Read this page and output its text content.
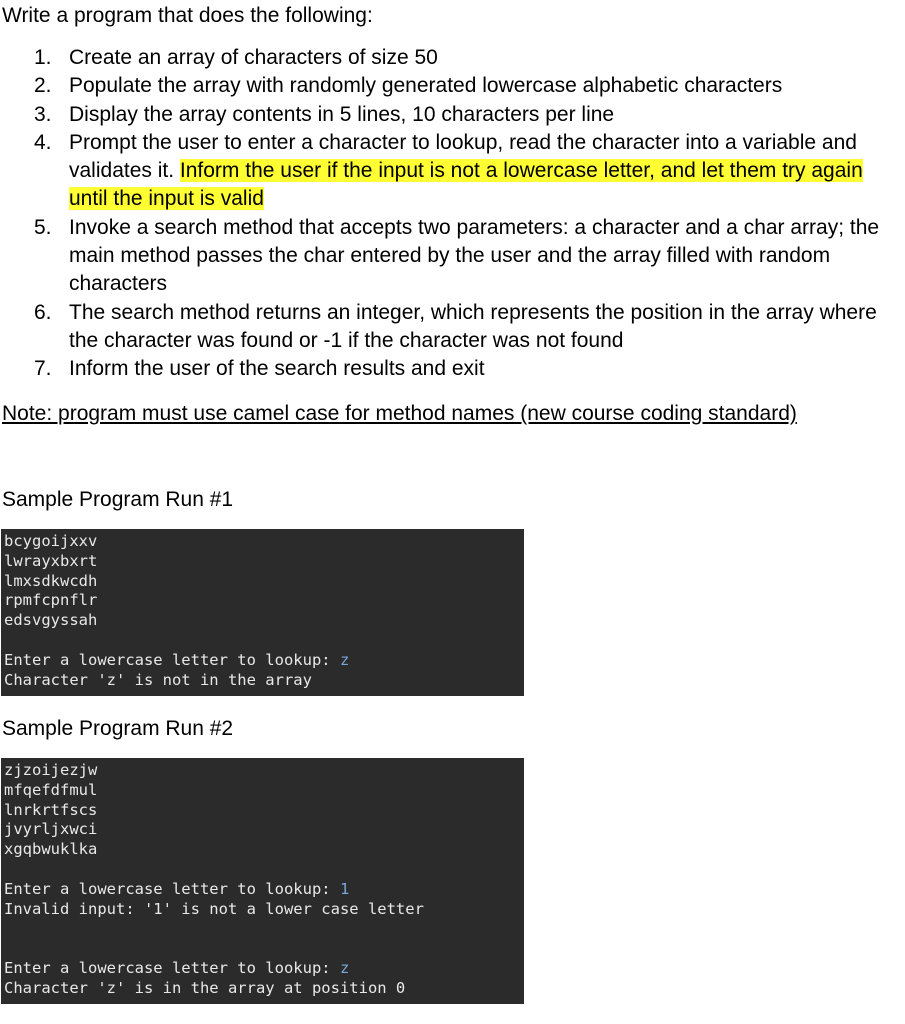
Write a program that does the following:
1. Create an array of characters of size 50
2. Populate the array with randomly generated lowercase alphabetic characters
3. Display the array contents in 5 lines, 10 characters per line
4. Prompt the user to enter a character to lookup, read the character into a variable and validates it. Inform the user if the input is not a lowercase letter, and let them try again until the input is valid
5. Invoke a search method that accepts two parameters: a character and a char array; the main method passes the char entered by the user and the array filled with random characters
6. The search method returns an integer, which represents the position in the array where the character was found or -1 if the character was not found
7. Inform the user of the search results and exit
Note: program must use camel case for method names (new course coding standard)
Sample Program Run #1
bcygoijxxv
lwrayxbxrt
lmxsdkwcdh
rpmfcpnflr
edsvgyssah
Enter a lowercase letter to lookup: z
Character 'z' is not in the array
Sample Program Run #2
zjzoijezjw
mfqefdfmul
lnrkrtfscs
jvyrljxwci
xgqbwuklka
Enter a lowercase letter to lookup: 1
Invalid input: '1' is not a lower case letter
Enter a lowercase letter to lookup: z
Character 'z' is in the array at position 0
